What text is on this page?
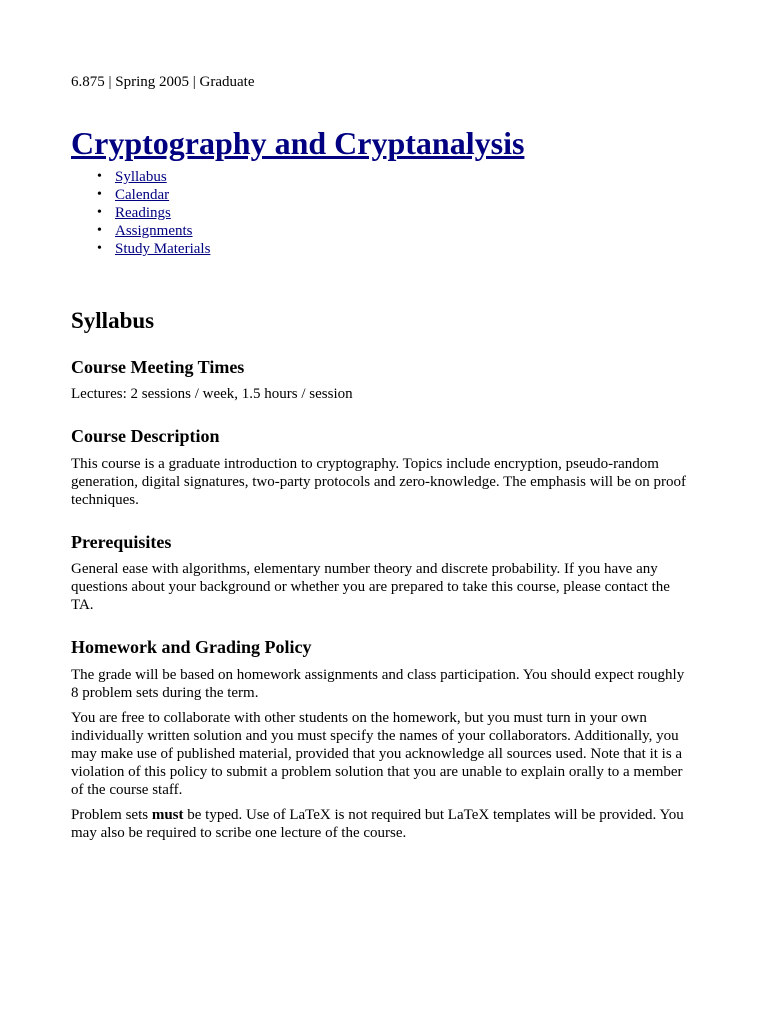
6.875 | Spring 2005 | Graduate
Cryptography and Cryptanalysis
• Syllabus
• Calendar
• Readings
• Assignments
• Study Materials
Syllabus
Course Meeting Times

Lectures: 2 sessions / week, 1.5 hours / session

Course Description

This course is a graduate introduction to cryptography. Topics include encryption, pseudo-random generation, digital signatures, two-party protocols and zero-knowledge. The emphasis will be on proof techniques.

Prerequisites

General ease with algorithms, elementary number theory and discrete probability. If you have any questions about your background or whether you are prepared to take this course, please contact the TA.

Homework and Grading Policy

The grade will be based on homework assignments and class participation. You should expect roughly 8 problem sets during the term.

You are free to collaborate with other students on the homework, but you must turn in your own individually written solution and you must specify the names of your collaborators. Additionally, you may make use of published material, provided that you acknowledge all sources used. Note that it is a violation of this policy to submit a problem solution that you are unable to explain orally to a member of the course staff.

Problem sets must be typed. Use of LaTeX is not required but LaTeX templates will be provided. You may also be required to scribe one lecture of the course.
